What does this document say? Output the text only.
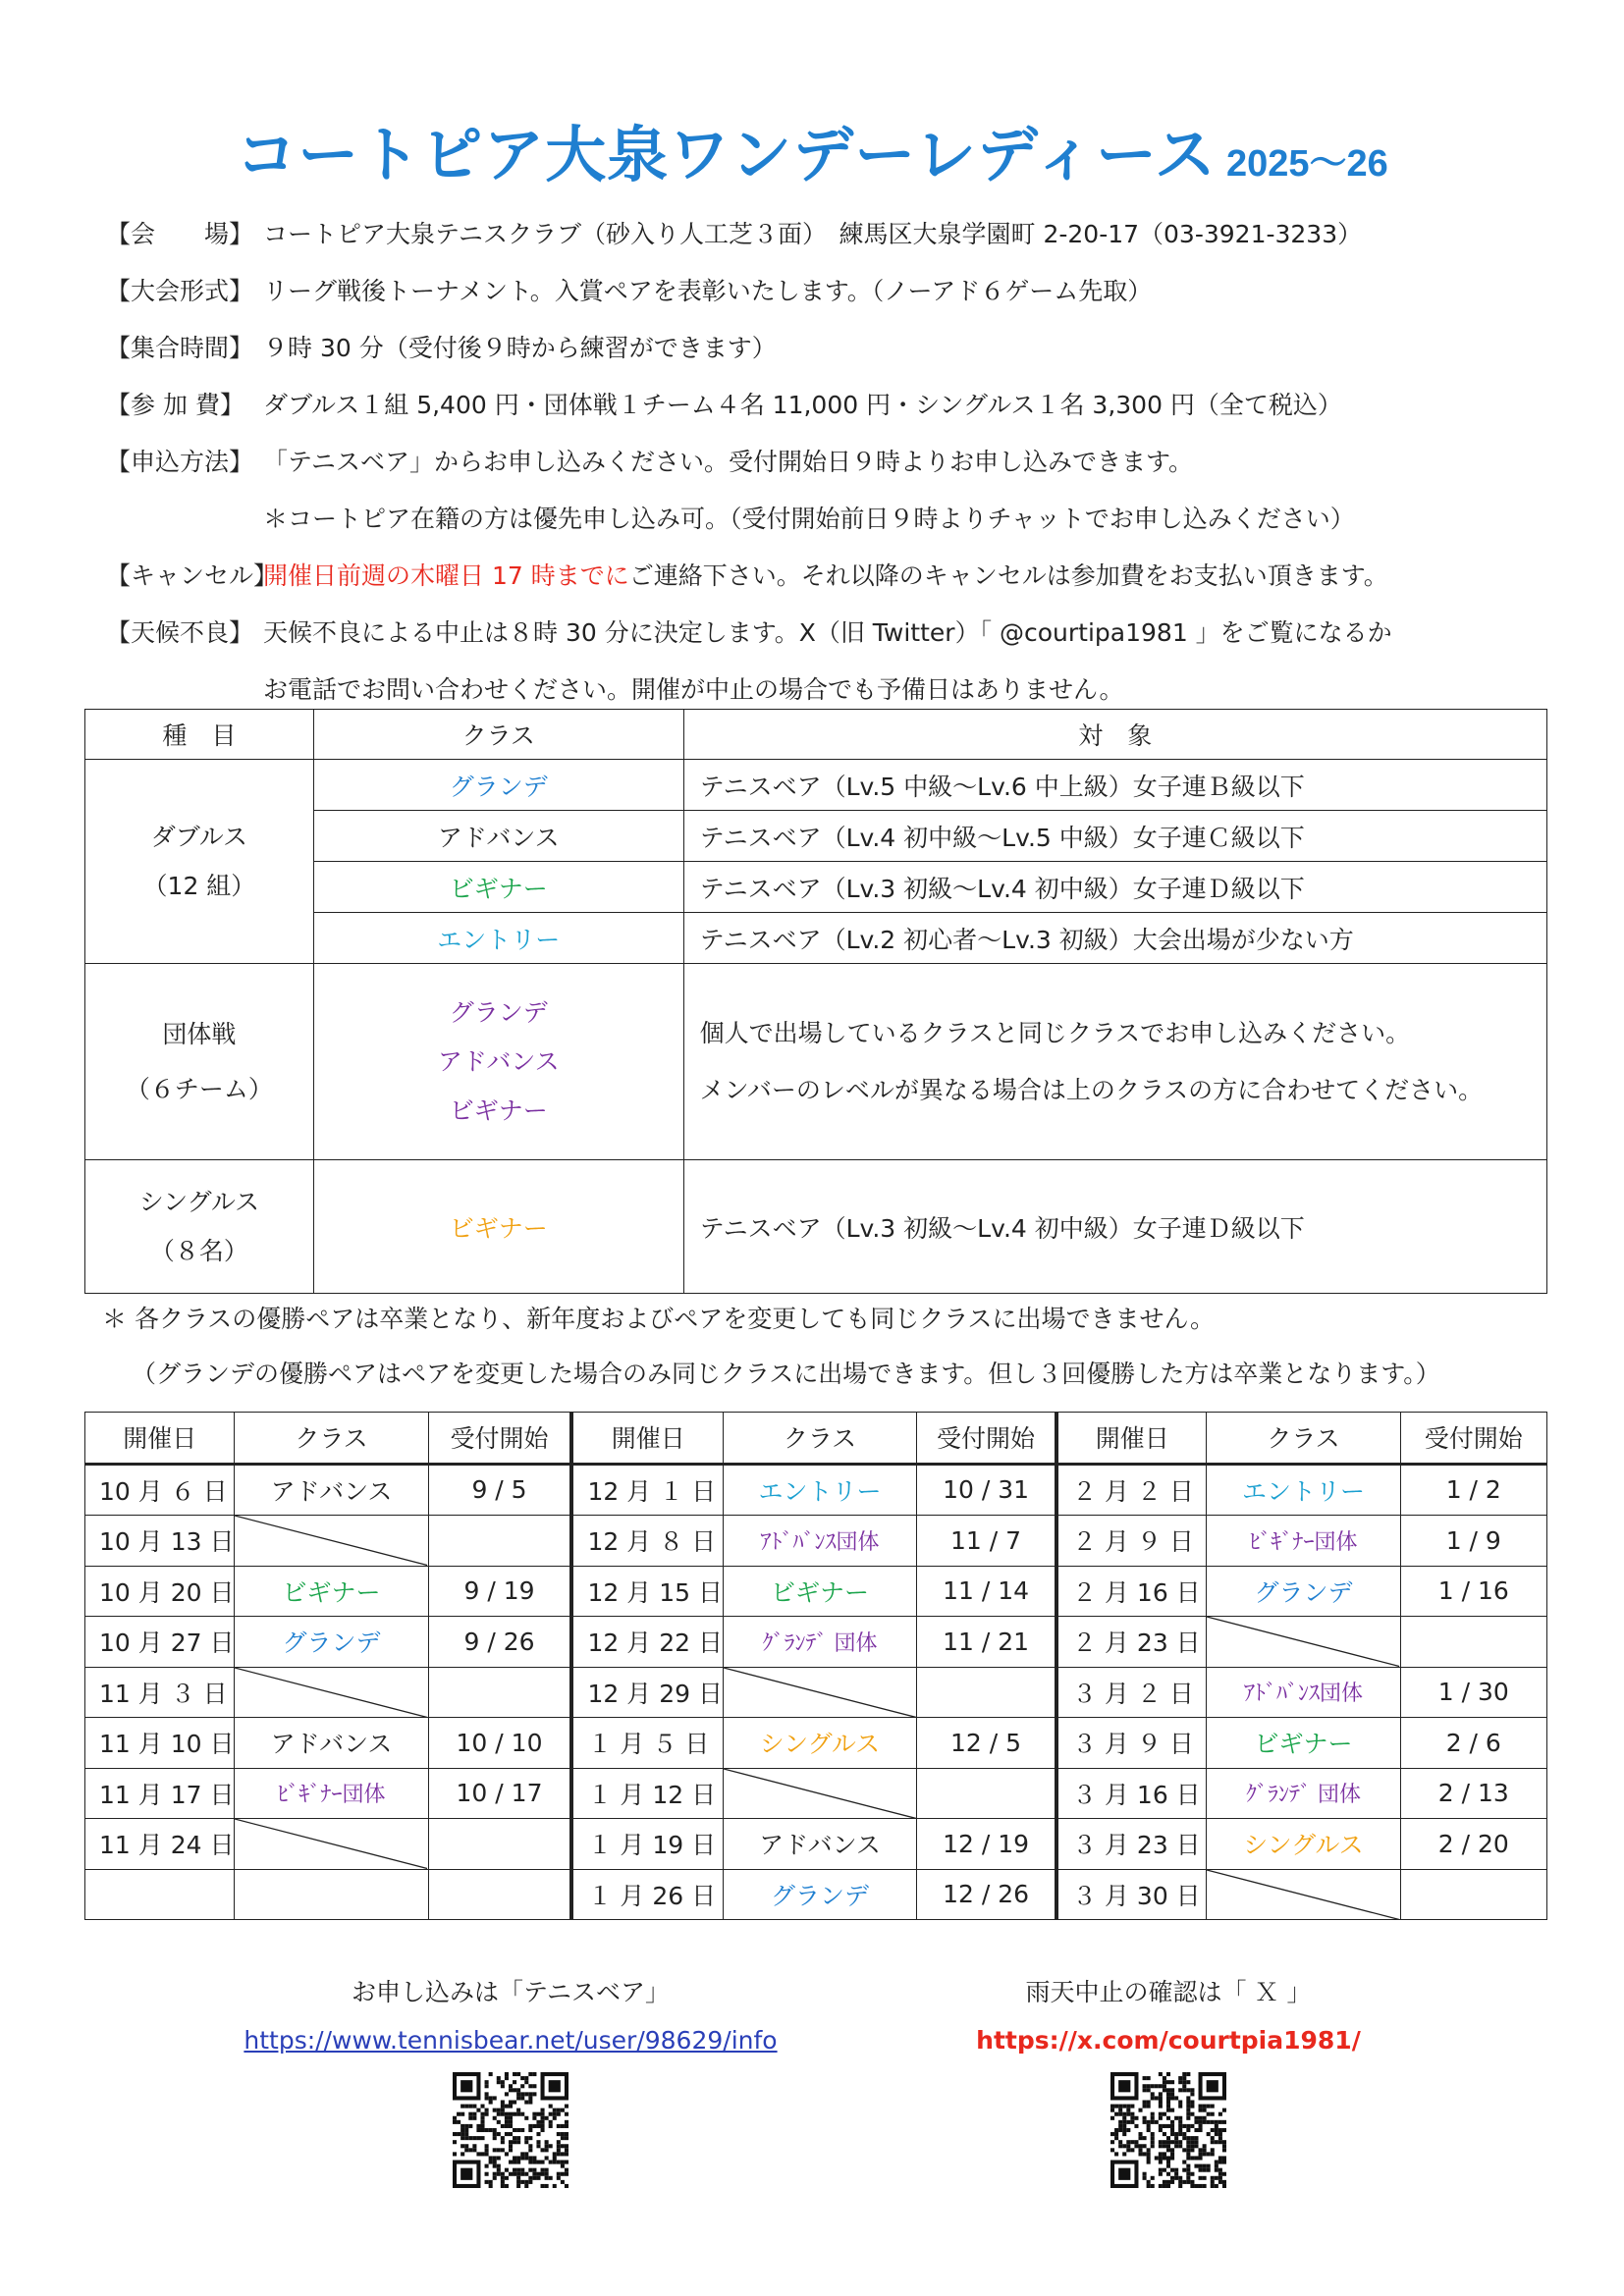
コートピア大泉ワンデーレディース 2025～26
【会　　場】 コートピア大泉テニスクラブ（砂入り人工芝３面）　練馬区大泉学園町 2-20-17（03-3921-3233）
【大会形式】 リーグ戦後トーナメント。入賞ペアを表彰いたします。（ノーアド６ゲーム先取）
【集合時間】 ９時 30 分（受付後９時から練習ができます）
【参 加 費】 ダブルス１組 5,400 円・団体戦１チーム４名 11,000 円・シングルス１名 3,300 円（全て税込）
【申込方法】 「テニスベア」からお申し込みください。受付開始日９時よりお申し込みできます。
＊コートピア在籍の方は優先申し込み可。（受付開始前日９時よりチャットでお申し込みください）
【キャンセル】
開催日前週の木曜日 17 時までに ご連絡下さい。それ以降のキャンセルは参加費をお支払い頂きます。
【天候不良】 天候不良による中止は８時 30 分に決定します。X（旧 Twitter）「 @courtipa1981 」をご覧になるか
お電話でお問い合わせください。開催が中止の場合でも予備日はありません。
種　目	クラス	対　象
ダブルス
（12 組）	グランデ	テニスベア（Lv.5 中級～Lv.6 中上級）女子連Ｂ級以下
	アドバンス	テニスベア（Lv.4 初中級～Lv.5 中級）女子連Ｃ級以下
	ビギナー	テニスベア（Lv.3 初級～Lv.4 初中級）女子連Ｄ級以下
	エントリー	テニスベア（Lv.2 初心者～Lv.3 初級）大会出場が少ない方
団体戦
（６チーム）	グランデ
アドバンス
ビギナー	個人で出場しているクラスと同じクラスでお申し込みください。
メンバーのレベルが異なる場合は上のクラスの方に合わせてください。
シングルス
（８名）	ビギナー	テニスベア（Lv.3 初級～Lv.4 初中級）女子連Ｄ級以下
＊ 各クラスの優勝ペアは卒業となり、新年度およびペアを変更しても同じクラスに出場できません。
（グランデの優勝ペアはペアを変更した場合のみ同じクラスに出場できます。但し３回優勝した方は卒業となります。）
開催日	クラス	受付開始	開催日	クラス	受付開始	開催日	クラス	受付開始
10 月 ６ 日	アドバンス	9 / 5	12 月 １ 日	エントリー	10 / 31	２ 月 ２ 日	エントリー	1 / 2
10 月 13 日			12 月 ８ 日	ｱﾄﾞﾊﾞﾝｽ団体	11 / 7	２ 月 ９ 日	ﾋﾞｷﾞﾅｰ団体	1 / 9
10 月 20 日	ビギナー	9 / 19	12 月 15 日	ビギナー	11 / 14	２ 月 16 日	グランデ	1 / 16
10 月 27 日	グランデ	9 / 26	12 月 22 日	ｸﾞﾗﾝﾃﾞ 団体	11 / 21	２ 月 23 日	

11 月 ３ 日			12 月 29 日			３ 月 ２ 日	ｱﾄﾞﾊﾞﾝｽ団体	1 / 30
11 月 10 日	アドバンス	10 / 10	１ 月 ５ 日	シングルス	12 / 5	３ 月 ９ 日	ビギナー	2 / 6
11 月 17 日	ﾋﾞｷﾞﾅｰ団体	10 / 17	１ 月 12 日			３ 月 16 日	ｸﾞﾗﾝﾃﾞ 団体	2 / 13
11 月 24 日			１ 月 19 日	アドバンス	12 / 19	３ 月 23 日	シングルス	2 / 20
			１ 月 26 日	グランデ	12 / 26	３ 月 30 日	

お申し込みは「テニスベア」
https://www.tennisbear.net/user/98629/info
雨天中止の確認は「 Ｘ 」
https://x.com/courtpia1981/
